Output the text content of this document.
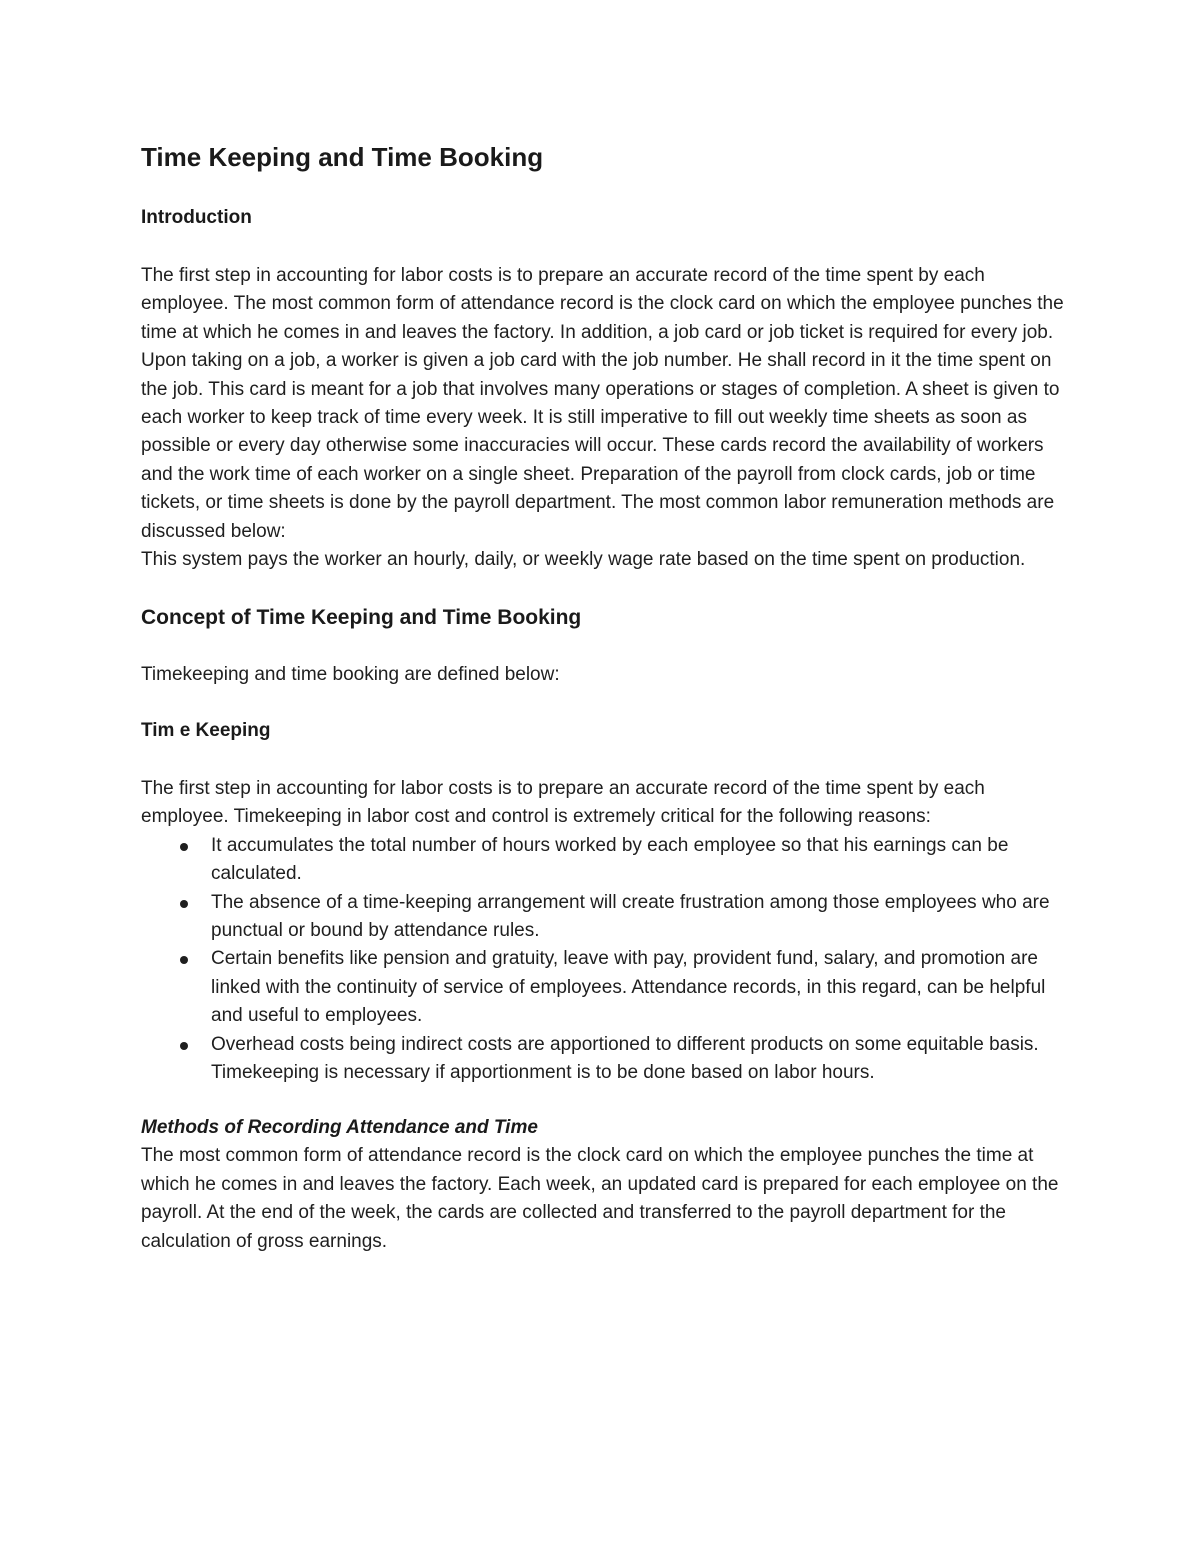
Time Keeping and Time Booking
Introduction

The first step in accounting for labor costs is to prepare an accurate record of the time spent by each employee. The most common form of attendance record is the clock card on which the employee punches the time at which he comes in and leaves the factory. In addition, a job card or job ticket is required for every job. Upon taking on a job, a worker is given a job card with the job number. He shall record in it the time spent on the job. This card is meant for a job that involves many operations or stages of completion. A sheet is given to each worker to keep track of time every week. It is still imperative to fill out weekly time sheets as soon as possible or every day otherwise some inaccuracies will occur. These cards record the availability of workers and the work time of each worker on a single sheet. Preparation of the payroll from clock cards, job or time tickets, or time sheets is done by the payroll department. The most common labor remuneration methods are discussed below:

This system pays the worker an hourly, daily, or weekly wage rate based on the time spent on production.

Concept of Time Keeping and Time Booking

Timekeeping and time booking are defined below:

Tim e Keeping

The first step in accounting for labor costs is to prepare an accurate record of the time spent by each employee. Timekeeping in labor cost and control is extremely critical for the following reasons:

It accumulates the total number of hours worked by each employee so that his earnings can be calculated.
The absence of a time-keeping arrangement will create frustration among those employees who are punctual or bound by attendance rules.
Certain benefits like pension and gratuity, leave with pay, provident fund, salary, and promotion are linked with the continuity of service of employees. Attendance records, in this regard, can be helpful and useful to employees.
Overhead costs being indirect costs are apportioned to different products on some equitable basis. Timekeeping is necessary if apportionment is to be done based on labor hours.
Methods of Recording Attendance and Time

The most common form of attendance record is the clock card on which the employee punches the time at which he comes in and leaves the factory. Each week, an updated card is prepared for each employee on the payroll. At the end of the week, the cards are collected and transferred to the payroll department for the calculation of gross earnings.
